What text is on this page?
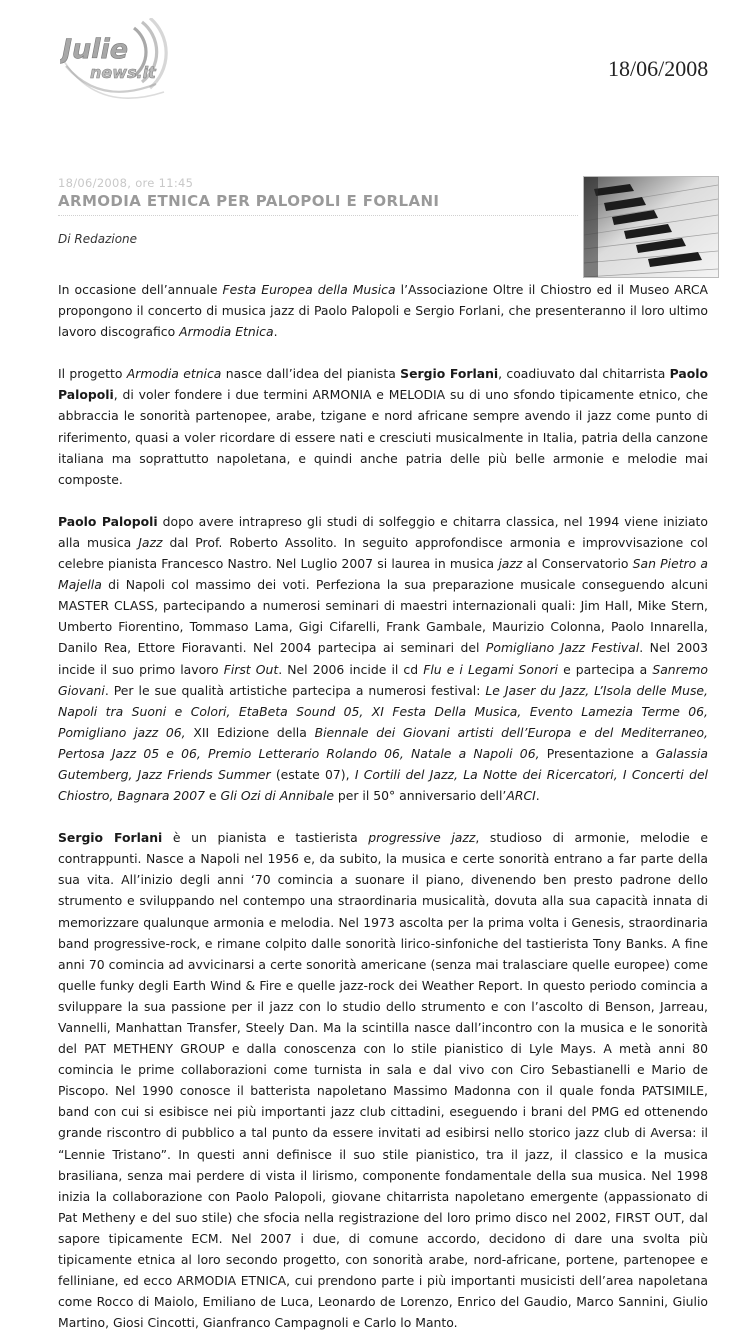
Julie
news.it	18/06/2008
18/06/2008, ore 11:45
ARMODIA ETNICA PER PALOPOLI E FORLANI
Di Redazione

In occasione dell’annuale Festa Europea della Musica l’Associazione Oltre il Chiostro ed il Museo ARCA propongono il concerto di musica jazz di Paolo Palopoli e Sergio Forlani, che presenteranno il loro ultimo lavoro discografico Armodia Etnica.

Il progetto Armodia etnica nasce dall’idea del pianista Sergio Forlani, coadiuvato dal chitarrista Paolo Palopoli, di voler fondere i due termini ARMONIA e MELODIA su di uno sfondo tipicamente etnico, che abbraccia le sonorità partenopee, arabe, tzigane e nord africane sempre avendo il jazz come punto di riferimento, quasi a voler ricordare di essere nati e cresciuti musicalmente in Italia, patria della canzone italiana ma soprattutto napoletana, e quindi anche patria delle più belle armonie e melodie mai composte.

Paolo Palopoli dopo avere intrapreso gli studi di solfeggio e chitarra classica, nel 1994 viene iniziato alla musica Jazz dal Prof. Roberto Assolito. In seguito approfondisce armonia e improvvisazione col celebre pianista Francesco Nastro. Nel Luglio 2007 si laurea in musica jazz al Conservatorio San Pietro a Majella di Napoli col massimo dei voti. Perfeziona la sua preparazione musicale conseguendo alcuni MASTER CLASS, partecipando a numerosi seminari di maestri internazionali quali: Jim Hall, Mike Stern, Umberto Fiorentino, Tommaso Lama, Gigi Cifarelli, Frank Gambale, Maurizio Colonna, Paolo Innarella, Danilo Rea, Ettore Fioravanti. Nel 2004 partecipa ai seminari del Pomigliano Jazz Festival. Nel 2003 incide il suo primo lavoro First Out. Nel 2006 incide il cd Flu e i Legami Sonori e partecipa a Sanremo Giovani. Per le sue qualità artistiche partecipa a numerosi festival: Le Jaser du Jazz, L’Isola delle Muse, Napoli tra Suoni e Colori, EtaBeta Sound 05, XI Festa Della Musica, Evento Lamezia Terme 06, Pomigliano jazz 06, XII Edizione della Biennale dei Giovani artisti dell’Europa e del Mediterraneo, Pertosa Jazz 05 e 06, Premio Letterario Rolando 06, Natale a Napoli 06, Presentazione a Galassia Gutemberg, Jazz Friends Summer (estate 07), I Cortili del Jazz, La Notte dei Ricercatori, I Concerti del Chiostro, Bagnara 2007 e Gli Ozi di Annibale per il 50° anniversario dell’ARCI.

Sergio Forlani è un pianista e tastierista progressive jazz, studioso di armonie, melodie e contrappunti. Nasce a Napoli nel 1956 e, da subito, la musica e certe sonorità entrano a far parte della sua vita. All’inizio degli anni ‘70 comincia a suonare il piano, divenendo ben presto padrone dello strumento e sviluppando nel contempo una straordinaria musicalità, dovuta alla sua capacità innata di memorizzare qualunque armonia e melodia. Nel 1973 ascolta per la prima volta i Genesis, straordinaria band progressive-rock, e rimane colpito dalle sonorità lirico-sinfoniche del tastierista Tony Banks. A fine anni 70 comincia ad avvicinarsi a certe sonorità americane (senza mai tralasciare quelle europee) come quelle funky degli Earth Wind & Fire e quelle jazz-rock dei Weather Report. In questo periodo comincia a sviluppare la sua passione per il jazz con lo studio dello strumento e con l’ascolto di Benson, Jarreau, Vannelli, Manhattan Transfer, Steely Dan. Ma la scintilla nasce dall’incontro con la musica e le sonorità del PAT METHENY GROUP e dalla conoscenza con lo stile pianistico di Lyle Mays. A metà anni 80 comincia le prime collaborazioni come turnista in sala e dal vivo con Ciro Sebastianelli e Mario de Piscopo. Nel 1990 conosce il batterista napoletano Massimo Madonna con il quale fonda PATSIMILE, band con cui si esibisce nei più importanti jazz club cittadini, eseguendo i brani del PMG ed ottenendo grande riscontro di pubblico a tal punto da essere invitati ad esibirsi nello storico jazz club di Aversa: il “Lennie Tristano”. In questi anni definisce il suo stile pianistico, tra il jazz, il classico e la musica brasiliana, senza mai perdere di vista il lirismo, componente fondamentale della sua musica. Nel 1998 inizia la collaborazione con Paolo Palopoli, giovane chitarrista napoletano emergente (appassionato di Pat Metheny e del suo stile) che sfocia nella registrazione del loro primo disco nel 2002, FIRST OUT, dal sapore tipicamente ECM. Nel 2007 i due, di comune accordo, decidono di dare una svolta più tipicamente etnica al loro secondo progetto, con sonorità arabe, nord-africane, portene, partenopee e felliniane, ed ecco ARMODIA ETNICA, cui prendono parte i più importanti musicisti dell’area napoletana come Rocco di Maiolo, Emiliano de Luca, Leonardo de Lorenzo, Enrico del Gaudio, Marco Sannini, Giulio Martino, Giosi Cincotti, Gianfranco Campagnoli e Carlo lo Manto.
